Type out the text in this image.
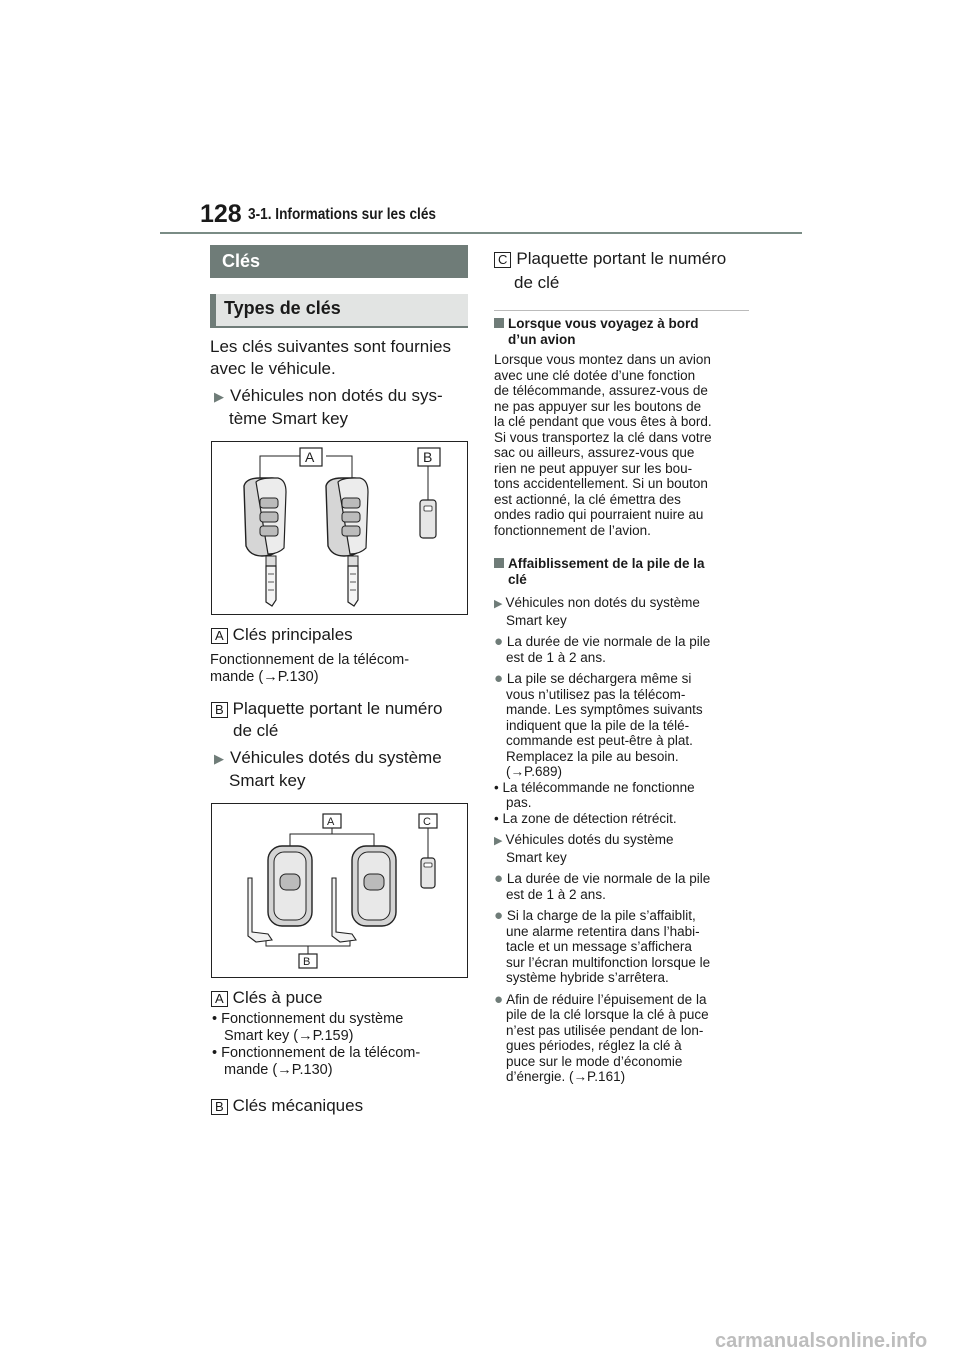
128 3-1. Informations sur les clés
Clés
Types de clés
Les clés suivantes sont fournies
avec le véhicule.
▶ Véhicules non dotés du sys-
tème Smart key
A	B
A Clés principales
Fonctionnement de la télécom-
mande (→P.130)
B Plaquette portant le numéro
de clé
▶ Véhicules dotés du système
Smart key
A	C
B
A Clés à puce
• Fonctionnement du système
Smart key (→P.159)
• Fonctionnement de la télécom-
mande (→P.130)
B Clés mécaniques
C Plaquette portant le numéro
de clé
Lorsque vous voyagez à bord
d’un avion
Lorsque vous montez dans un avion
avec une clé dotée d’une fonction
de télécommande, assurez-vous de
ne pas appuyer sur les boutons de
la clé pendant que vous êtes à bord.
Si vous transportez la clé dans votre
sac ou ailleurs, assurez-vous que
rien ne peut appuyer sur les bou-
tons accidentellement. Si un bouton
est actionné, la clé émettra des
ondes radio qui pourraient nuire au
fonctionnement de l’avion.
Affaiblissement de la pile de la
clé
▶ Véhicules non dotés du système
Smart key
● La durée de vie normale de la pile
est de 1 à 2 ans.
● La pile se déchargera même si
vous n’utilisez pas la télécom-
mande. Les symptômes suivants
indiquent que la pile de la télé-
commande est peut-être à plat.
Remplacez la pile au besoin.
(→P.689)
• La télécommande ne fonctionne
pas.
• La zone de détection rétrécit.
▶ Véhicules dotés du système
Smart key
● La durée de vie normale de la pile
est de 1 à 2 ans.
● Si la charge de la pile s’affaiblit,
une alarme retentira dans l’habi-
tacle et un message s’affichera
sur l’écran multifonction lorsque le
système hybride s’arrêtera.
● Afin de réduire l’épuisement de la
pile de la clé lorsque la clé à puce
n’est pas utilisée pendant de lon-
gues périodes, réglez la clé à
puce sur le mode d’économie
d’énergie. (→P.161)
carmanualsonline.info
